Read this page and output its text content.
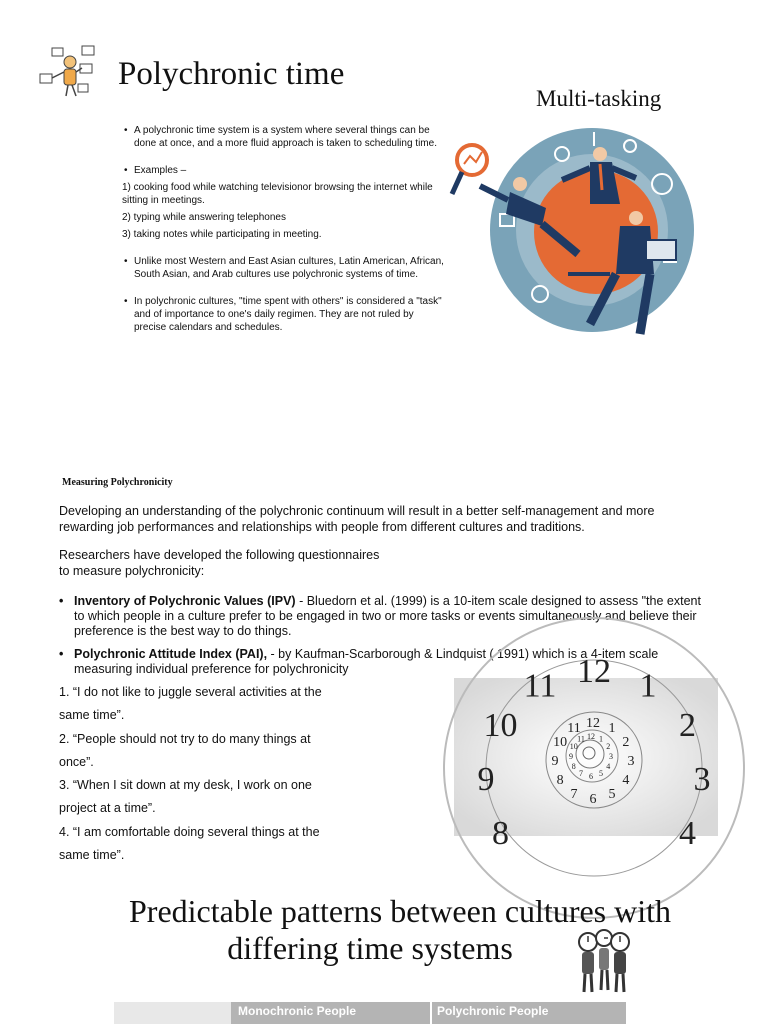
Polychronic time
Multi-tasking

• A polychronic time system is a system where several things can be done at once, and a more fluid approach is taken to scheduling time.

• Examples –

1) cooking food while watching televisionor browsing the internet while sitting in meetings.

2) typing while answering telephones

3) taking notes while participating in meeting.

• Unlike most Western and East Asian cultures, Latin American, African, South Asian, and Arab cultures use polychronic systems of time.

• In polychronic cultures, "time spent with others" is considered a "task" and of importance to one's daily regimen. They are not ruled by precise calendars and schedules.

Measuring Polychronicity
Developing an understanding of the polychronic continuum will result in a better self-management and more rewarding job performances and relationships with people from different cultures and traditions.
Researchers have developed the following questionnaires
to measure polychronicity:
• Inventory of Polychronic Values (IPV) - Bluedorn et al. (1999) is a 10-item scale designed to assess "the extent to which people in a culture prefer to be engaged in two or more tasks or events simultaneously and believe their preference is the best way to do things.
• Polychronic Attitude Index (PAI), - by Kaufman-Scarborough & Lindquist ( 1991) which is a 4-item scale measuring individual preference for polychronicity

1. “I do not like to juggle several activities at the

same time”.

2. “People should not try to do many things at

once”.

3. “When I sit down at my desk, I work on one

project at a time”.

4. “I am comfortable doing several things at the

same time”.

12 1
2
3
4
8
9
10
11
12 1
2
3
4
5
6
7
8
9
10
11
12 1
2
3
4
5
6
7
8
9
10
11
Predictable patterns between cultures with
differing time systems
Monochronic People	Polychronic People
